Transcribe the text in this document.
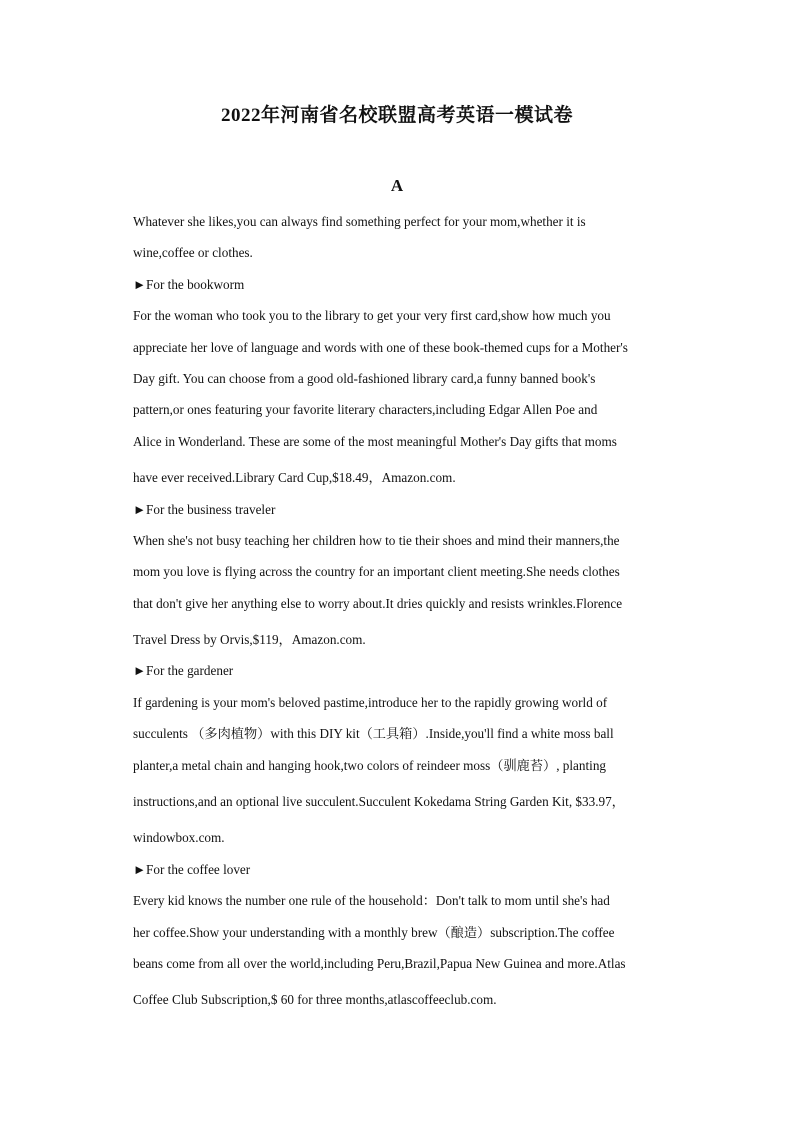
2022年河南省名校联盟高考英语一模试卷
A
Whatever she likes,you can always find something perfect for your mom,whether it is
wine,coffee or clothes.
►For the bookworm
For the woman who took you to the library to get your very first card,show how much you
appreciate her love of language and words with one of these book-themed cups for a Mother's
Day gift. You can choose from a good old-fashioned library card,a funny banned book's
pattern,or ones featuring your favorite literary characters,including Edgar Allen Poe and
Alice in Wonderland. These are some of the most meaningful Mother's Day gifts that moms
have ever received.Library Card Cup,$18.49，Amazon.com.
►For the business traveler
When she's not busy teaching her children how to tie their shoes and mind their manners,the
mom you love is flying across the country for an important client meeting.She needs clothes
that don't give her anything else to worry about.It dries quickly and resists wrinkles.Florence
Travel Dress by Orvis,$119，Amazon.com.
►For the gardener
If gardening is your mom's beloved pastime,introduce her to the rapidly growing world of
succulents （多肉植物）with this DIY kit（工具箱）.Inside,you'll find a white moss ball
planter,a metal chain and hanging hook,two colors of reindeer moss（驯鹿苔）, planting
instructions,and an optional live succulent.Succulent Kokedama String Garden Kit, $33.97，
windowbox.com.
►For the coffee lover
Every kid knows the number one rule of the household：Don't talk to mom until she's had
her coffee.Show your understanding with a monthly brew（酿造）subscription.The coffee
beans come from all over the world,including Peru,Brazil,Papua New Guinea and more.Atlas
Coffee Club Subscription,$ 60 for three months,atlascoffeeclub.com.
